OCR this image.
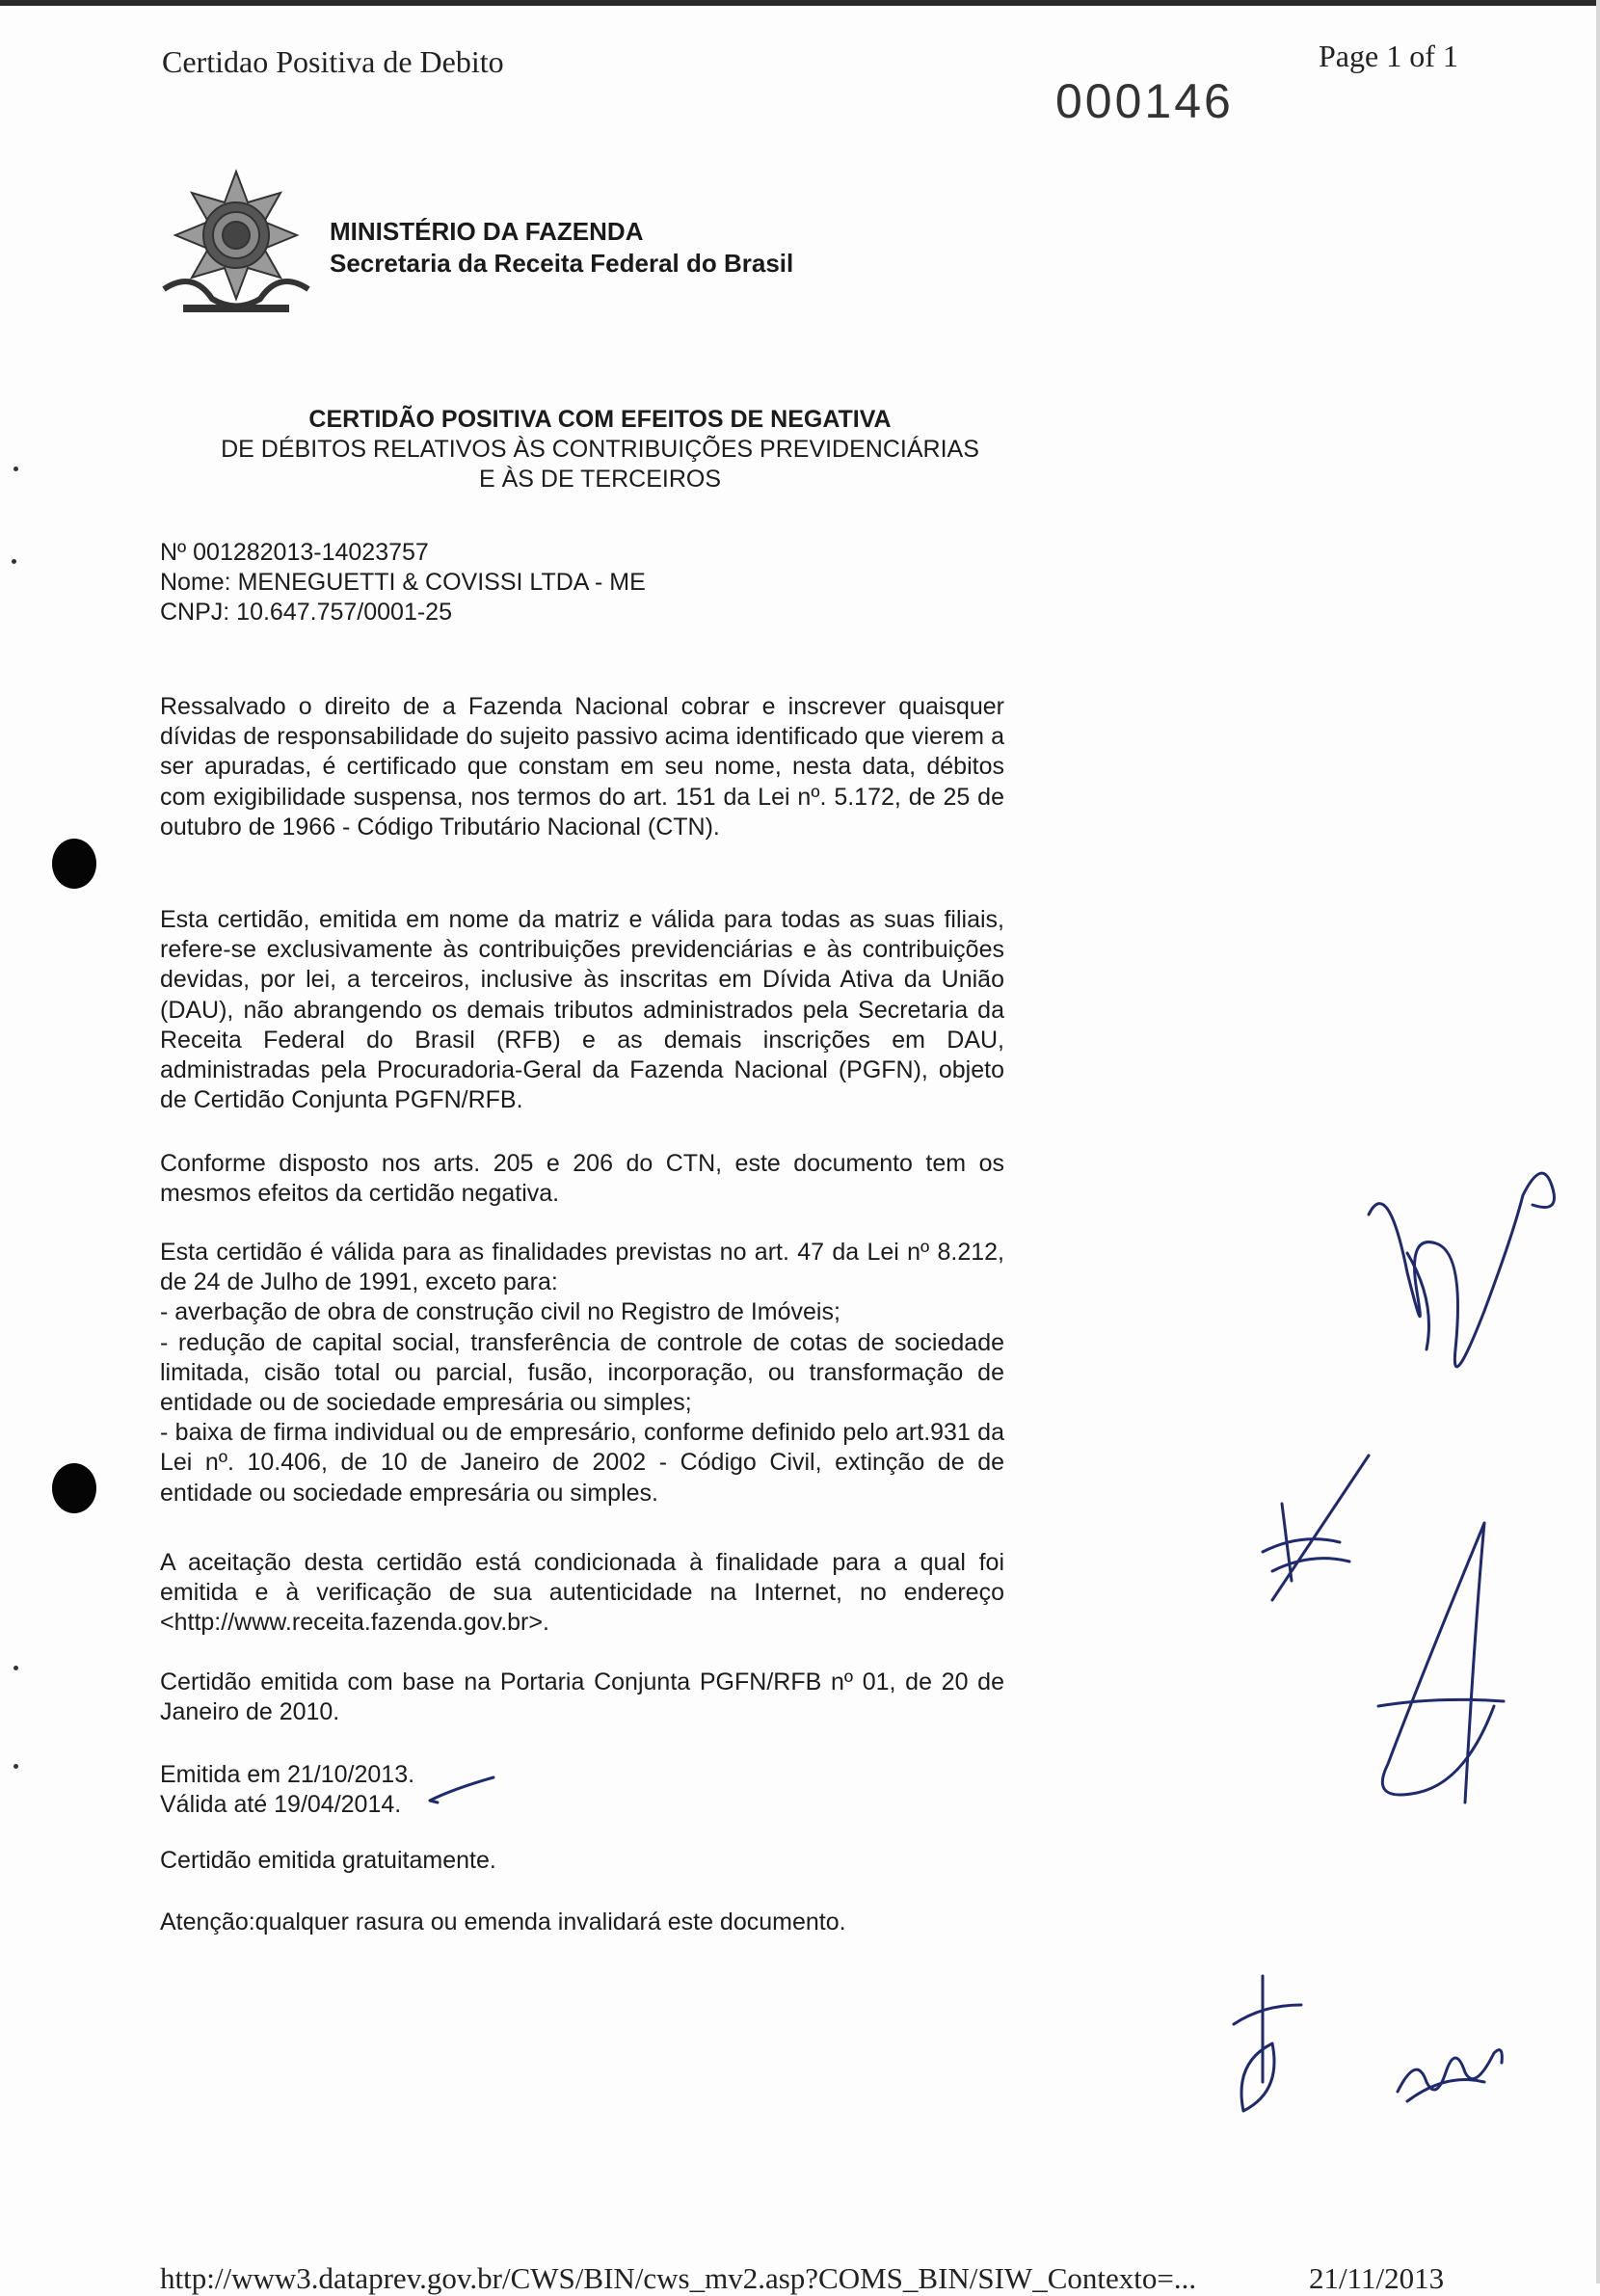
Certidao Positiva de Debito
000146
Page 1 of 1
MINISTÉRIO DA FAZENDA
Secretaria da Receita Federal do Brasil
CERTIDÃO POSITIVA COM EFEITOS DE NEGATIVA
DE DÉBITOS RELATIVOS ÀS CONTRIBUIÇÕES PREVIDENCIÁRIAS
E ÀS DE TERCEIROS
Nº 001282013-14023757
Nome: MENEGUETTI & COVISSI LTDA - ME
CNPJ: 10.647.757/0001-25

Ressalvado o direito de a Fazenda Nacional cobrar e inscrever quaisquer dívidas de responsabilidade do sujeito passivo acima identificado que vierem a ser apuradas, é certificado que constam em seu nome, nesta data, débitos com exigibilidade suspensa, nos termos do art. 151 da Lei nº. 5.172, de 25 de outubro de 1966 - Código Tributário Nacional (CTN).

Esta certidão, emitida em nome da matriz e válida para todas as suas filiais, refere-se exclusivamente às contribuições previdenciárias e às contribuições devidas, por lei, a terceiros, inclusive às inscritas em Dívida Ativa da União (DAU), não abrangendo os demais tributos administrados pela Secretaria da Receita Federal do Brasil (RFB) e as demais inscrições em DAU, administradas pela Procuradoria-Geral da Fazenda Nacional (PGFN), objeto de Certidão Conjunta PGFN/RFB.

Conforme disposto nos arts. 205 e 206 do CTN, este documento tem os mesmos efeitos da certidão negativa.

Esta certidão é válida para as finalidades previstas no art. 47 da Lei nº 8.212, de 24 de Julho de 1991, exceto para:
- averbação de obra de construção civil no Registro de Imóveis;
- redução de capital social, transferência de controle de cotas de sociedade limitada, cisão total ou parcial, fusão, incorporação, ou transformação de entidade ou de sociedade empresária ou simples;
- baixa de firma individual ou de empresário, conforme definido pelo art.931 da Lei nº. 10.406, de 10 de Janeiro de 2002 - Código Civil, extinção de de entidade ou sociedade empresária ou simples.

A aceitação desta certidão está condicionada à finalidade para a qual foi emitida e à verificação de sua autenticidade na Internet, no endereço <http://www.receita.fazenda.gov.br>.

Certidão emitida com base na Portaria Conjunta PGFN/RFB nº 01, de 20 de Janeiro de 2010.

Emitida em 21/10/2013.
Válida até 19/04/2014.
Certidão emitida gratuitamente.
Atenção:qualquer rasura ou emenda invalidará este documento.
http://www3.dataprev.gov.br/CWS/BIN/cws_mv2.asp?COMS_BIN/SIW_Contexto=...	21/11/2013
